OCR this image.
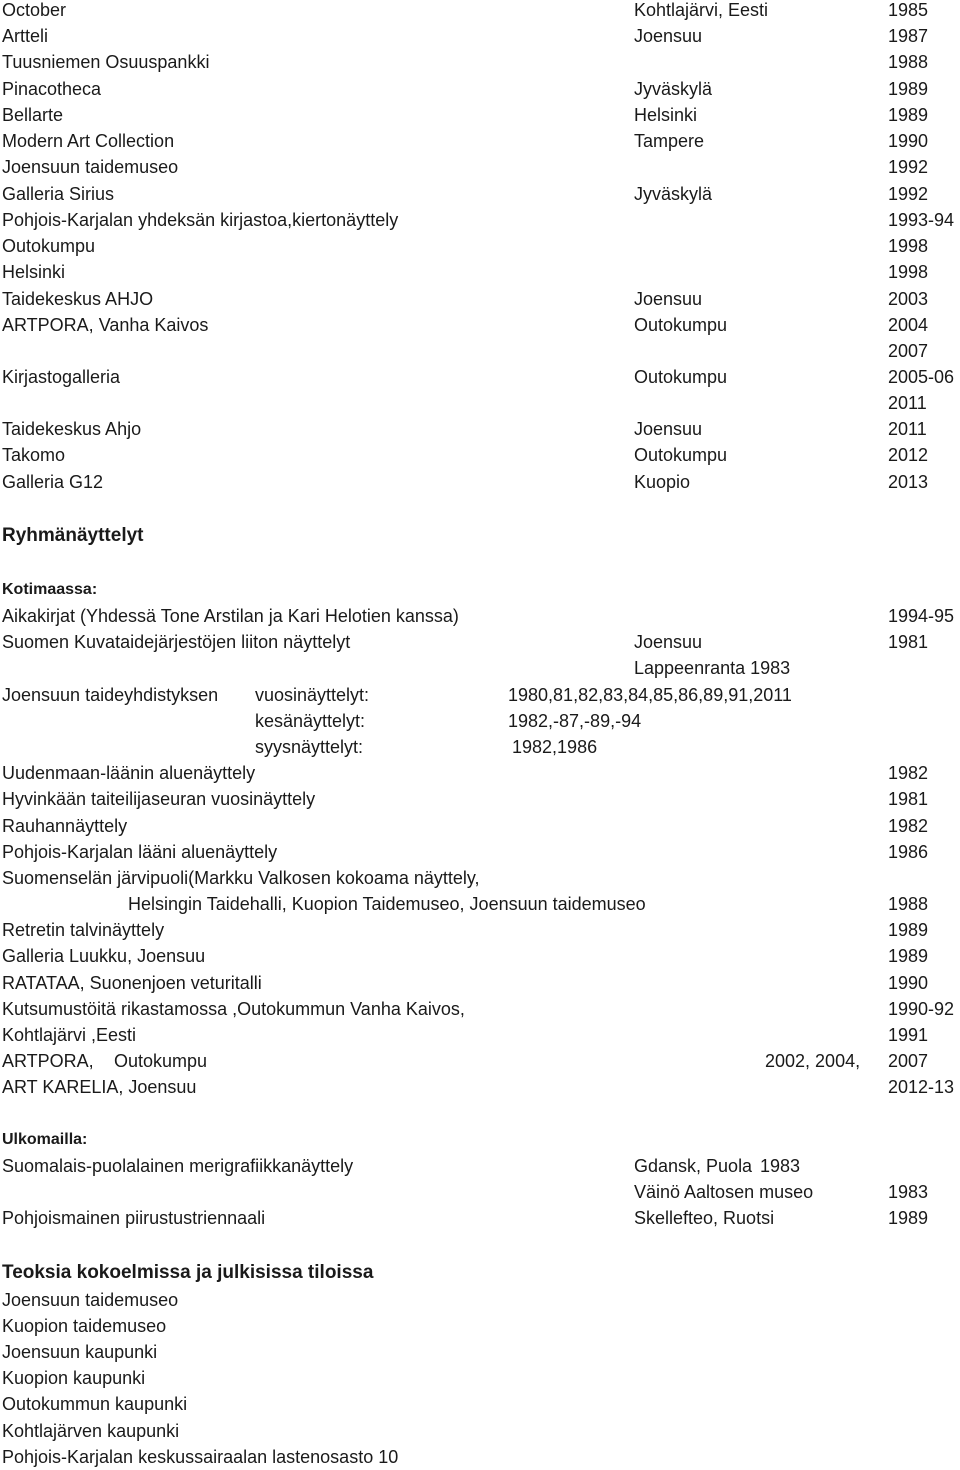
October	Kohtlajärvi, Eesti	1985
Artteli	Joensuu	1987
Tuusniemen Osuuspankki	1988
Pinacotheca	Jyväskylä	1989
Bellarte	Helsinki	1989
Modern Art Collection	Tampere	1990
Joensuun taidemuseo	1992
Galleria Sirius	Jyväskylä	1992
Pohjois-Karjalan yhdeksän kirjastoa,kiertonäyttely	1993-94
Outokumpu	1998
Helsinki	1998
Taidekeskus AHJO	Joensuu	2003
ARTPORA, Vanha Kaivos	Outokumpu	2004
2007
Kirjastogalleria	Outokumpu	2005-06
2011
Taidekeskus Ahjo	Joensuu	2011
Takomo	Outokumpu	2012
Galleria G12	Kuopio	2013
Ryhmänäyttelyt
Kotimaassa:
Aikakirjat (Yhdessä Tone Arstilan ja Kari Helotien kanssa)	1994-95
Suomen Kuvataidejärjestöjen liiton näyttelyt	Joensuu	1981
Lappeenranta 1983
Joensuun taideyhdistyksen vuosinäyttelyt:	1980,81,82,83,84,85,86,89,91,2011
kesänäyttelyt:	1982,-87,-89,-94
syysnäyttelyt:	1982,1986
Uudenmaan-läänin aluenäyttely	1982
Hyvinkään taiteilijaseuran vuosinäyttely	1981
Rauhannäyttely	1982
Pohjois-Karjalan lääni aluenäyttely	1986
Suomenselän järvipuoli(Markku Valkosen kokoama näyttely,
Helsingin Taidehalli, Kuopion Taidemuseo, Joensuun taidemuseo	1988
Retretin talvinäyttely	1989
Galleria Luukku, Joensuu	1989
RATATAA, Suonenjoen veturitalli	1990
Kutsumustöitä rikastamossa ,Outokummun Vanha Kaivos,	1990-92
Kohtlajärvi ,Eesti	1991
ARTPORA, Outokumpu	2002, 2004, 2007
ART KARELIA, Joensuu	2012-13
Ulkomailla:
Suomalais-puolalainen merigrafiikkanäyttely	Gdansk, Puola 1983
Väinö Aaltosen museo	1983
Pohjoismainen piirustustriennaali	Skellefteo, Ruotsi	1989
Teoksia kokoelmissa ja julkisissa tiloissa
Joensuun taidemuseo
Kuopion taidemuseo
Joensuun kaupunki
Kuopion kaupunki
Outokummun kaupunki
Kohtlajärven kaupunki
Pohjois-Karjalan keskussairaalan lastenosasto 10
